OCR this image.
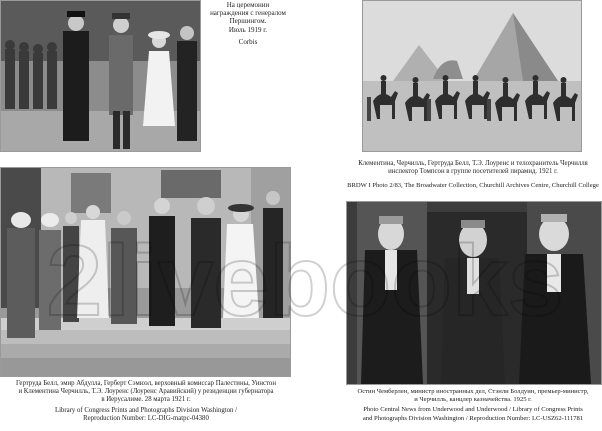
На церемонии
награждения с генералом
Першингом.
Июль 1919 г.
Corbis
Клементина, Черчилль, Гертруда Белл, Т.Э. Лоуренс и телохранитель Черчилля
инспектор Томпсон в группе посетителей пирамид. 1921 г.
BRDW I Photo 2/83, The Broadwater Collection, Churchill Archives Centre, Churchill College
Гертруда Белл, эмир Абдулла, Герберт Сэмюэл, верховный комиссар Палестины, Уинстон
и Клементина Черчилль, Т.Э. Лоуренс (Лоуренс Аравийский) у резиденции губернатора
в Иерусалиме. 28 марта 1921 г.
Library of Congress Prints and Photographs Division Washington /
Reproduction Number: LC-DIG-matpc-04380
Остин Чемберлен, министр иностранных дел, Стэнли Болдуин, премьер-министр,
и Черчилль, канцлер казначейства. 1925 г.
Photo Central News from Underwood and Underwood / Library of Congress Prints
and Photographs Division Washington / Reproduction Number: LC-USZ62-111781
2livebooks
